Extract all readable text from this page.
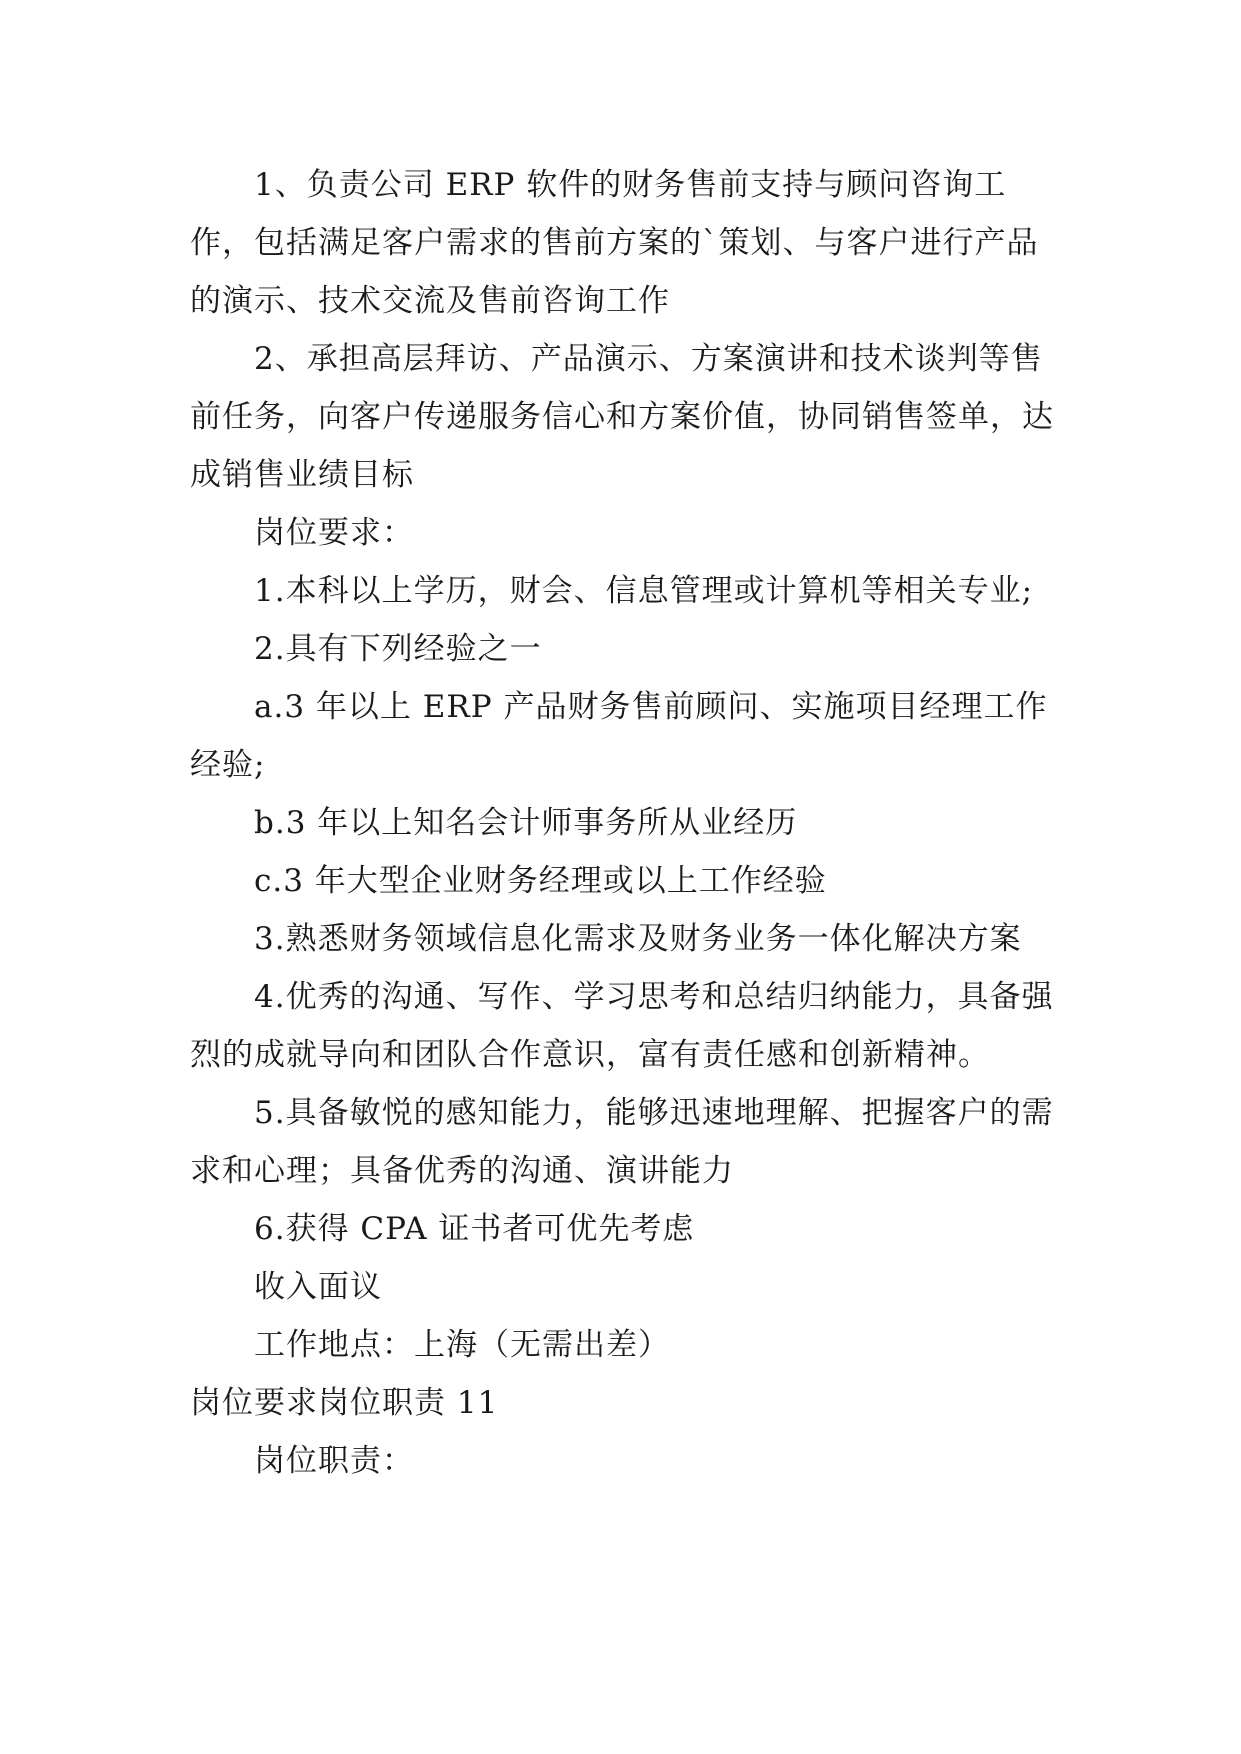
1、负责公司 ERP 软件的财务售前支持与顾问咨询工作，包括满足客户需求的售前方案的`策划、与客户进行产品的演示、技术交流及售前咨询工作

2、承担高层拜访、产品演示、方案演讲和技术谈判等售前任务，向客户传递服务信心和方案价值，协同销售签单，达成销售业绩目标

岗位要求：

1.本科以上学历，财会、信息管理或计算机等相关专业;

2.具有下列经验之一

a.3 年以上 ERP 产品财务售前顾问、实施项目经理工作经验;

b.3 年以上知名会计师事务所从业经历

c.3 年大型企业财务经理或以上工作经验

3.熟悉财务领域信息化需求及财务业务一体化解决方案

4.优秀的沟通、写作、学习思考和总结归纳能力，具备强烈的成就导向和团队合作意识，富有责任感和创新精神。

5.具备敏悦的感知能力，能够迅速地理解、把握客户的需求和心理；具备优秀的沟通、演讲能力

6.获得 CPA 证书者可优先考虑

收入面议

工作地点：上海（无需出差）

岗位要求岗位职责 11

岗位职责：
